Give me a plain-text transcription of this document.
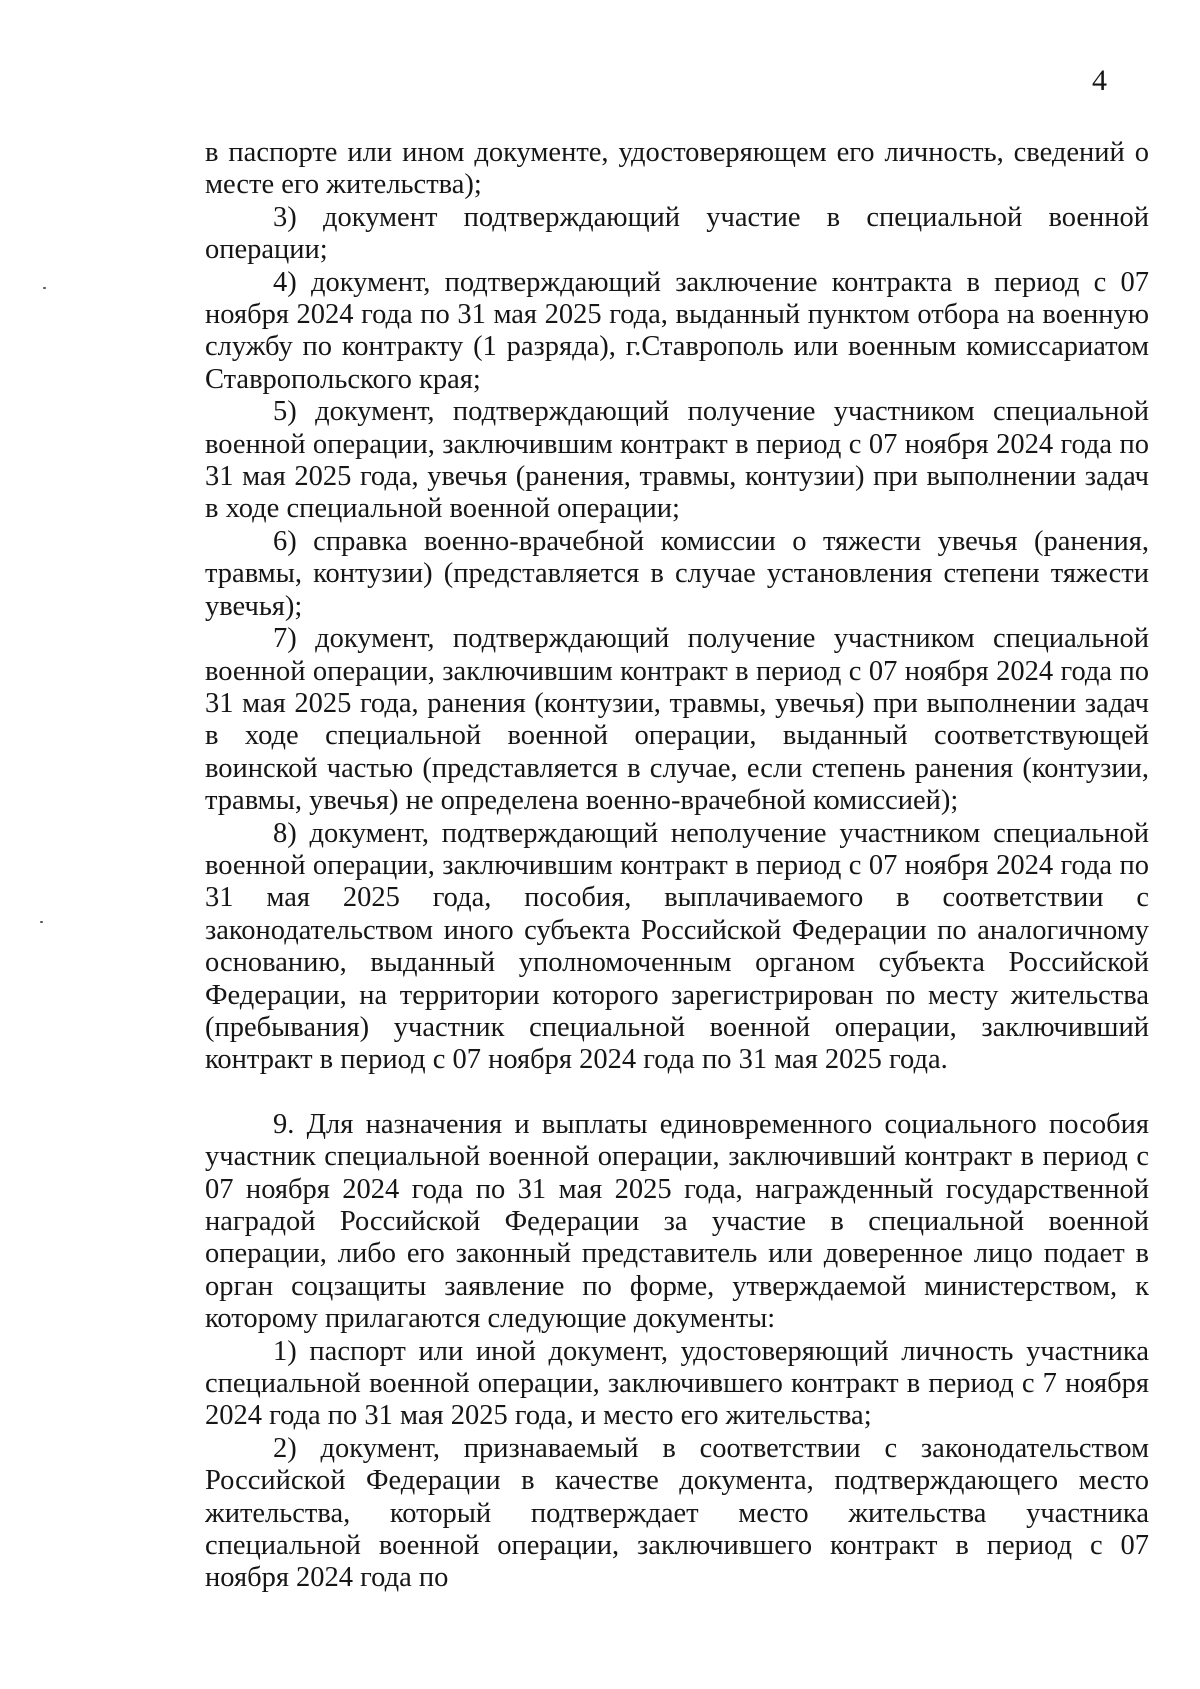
4

в паспорте или ином документе, удостоверяющем его личность, сведений о месте его жительства);

3) документ подтверждающий участие в специальной военной операции;

4) документ, подтверждающий заключение контракта в период с 07 ноября 2024 года по 31 мая 2025 года, выданный пунктом отбора на военную службу по контракту (1 разряда), г.Ставрополь или военным комиссариатом Ставропольского края;

5) документ, подтверждающий получение участником специальной военной операции, заключившим контракт в период с 07 ноября 2024 года по 31 мая 2025 года, увечья (ранения, травмы, контузии) при выполнении задач в ходе специальной военной операции;

6) справка военно-врачебной комиссии о тяжести увечья (ранения, травмы, контузии) (представляется в случае установления степени тяжести увечья);

7) документ, подтверждающий получение участником специальной военной операции, заключившим контракт в период с 07 ноября 2024 года по 31 мая 2025 года, ранения (контузии, травмы, увечья) при выполнении задач в ходе специальной военной операции, выданный соответствующей воинской частью (представляется в случае, если степень ранения (контузии, травмы, увечья) не определена военно-врачебной комиссией);

8) документ, подтверждающий неполучение участником специальной военной операции, заключившим контракт в период с 07 ноября 2024 года по 31 мая 2025 года, пособия, выплачиваемого в соответствии с законодательством иного субъекта Российской Федерации по аналогичному основанию, выданный уполномоченным органом субъекта Российской Федерации, на территории которого зарегистрирован по месту жительства (пребывания) участник специальной военной операции, заключивший контракт в период с 07 ноября 2024 года по 31 мая 2025 года.

9. Для назначения и выплаты единовременного социального пособия участник специальной военной операции, заключивший контракт в период с 07 ноября 2024 года по 31 мая 2025 года, награжденный государственной наградой Российской Федерации за участие в специальной военной операции, либо его законный представитель или доверенное лицо подает в орган соцзащиты заявление по форме, утверждаемой министерством, к которому прилагаются следующие документы:

1) паспорт или иной документ, удостоверяющий личность участника специальной военной операции, заключившего контракт в период с 7 ноября 2024 года по 31 мая 2025 года, и место его жительства;

2) документ, признаваемый в соответствии с законодательством Российской Федерации в качестве документа, подтверждающего место жительства, который подтверждает место жительства участника специальной военной операции, заключившего контракт в период с 07 ноября 2024 года по
